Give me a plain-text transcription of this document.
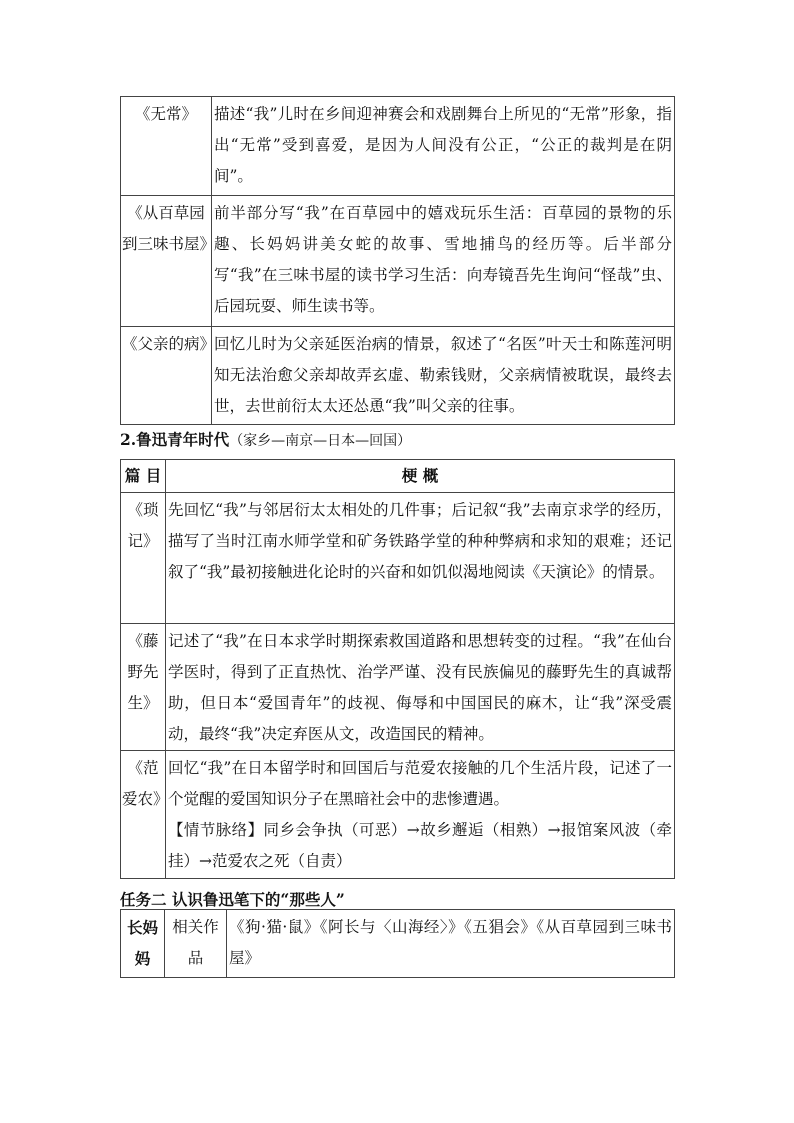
《无常》	描述“我”儿时在乡间迎神赛会和戏剧舞台上所见的“无常”形象，指出“无常”受到喜爱，是因为人间没有公正，“公正的裁判是在阴间”。
《从百草园到三味书屋》	前半部分写“我”在百草园中的嬉戏玩乐生活：百草园的景物的乐趣、长妈妈讲美女蛇的故事、雪地捕鸟的经历等。后半部分写“我”在三味书屋的读书学习生活：向寿镜吾先生询问“怪哉”虫、后园玩耍、师生读书等。
《父亲的病》	回忆儿时为父亲延医治病的情景，叙述了“名医”叶天士和陈莲河明知无法治愈父亲却故弄玄虚、勒索钱财，父亲病情被耽误，最终去世，去世前衍太太还怂恿“我”叫父亲的往事。
2.鲁迅青年时代（家乡—南京—日本—回国）
篇 目	梗 概
《琐记》	先回忆“我”与邻居衍太太相处的几件事；后记叙“我”去南京求学的经历，描写了当时江南水师学堂和矿务铁路学堂的种种弊病和求知的艰难；还记叙了“我”最初接触进化论时的兴奋和如饥似渴地阅读《天演论》的情景。
《藤野先生》	记述了“我”在日本求学时期探索救国道路和思想转变的过程。“我”在仙台学医时，得到了正直热忱、治学严谨、没有民族偏见的藤野先生的真诚帮助，但日本“爱国青年”的歧视、侮辱和中国国民的麻木，让“我”深受震动，最终“我”决定弃医从文，改造国民的精神。
《范爱农》	回忆“我”在日本留学时和回国后与范爱农接触的几个生活片段，记述了一个觉醒的爱国知识分子在黑暗社会中的悲惨遭遇。
【情节脉络】同乡会争执（可恶）→故乡邂逅（相熟）→报馆案风波（牵挂）→范爱农之死（自责）
任务二 认识鲁迅笔下的“那些人”
长妈妈	相关作品	《狗·猫·鼠》《阿长与〈山海经〉》《五猖会》《从百草园到三味书屋》
